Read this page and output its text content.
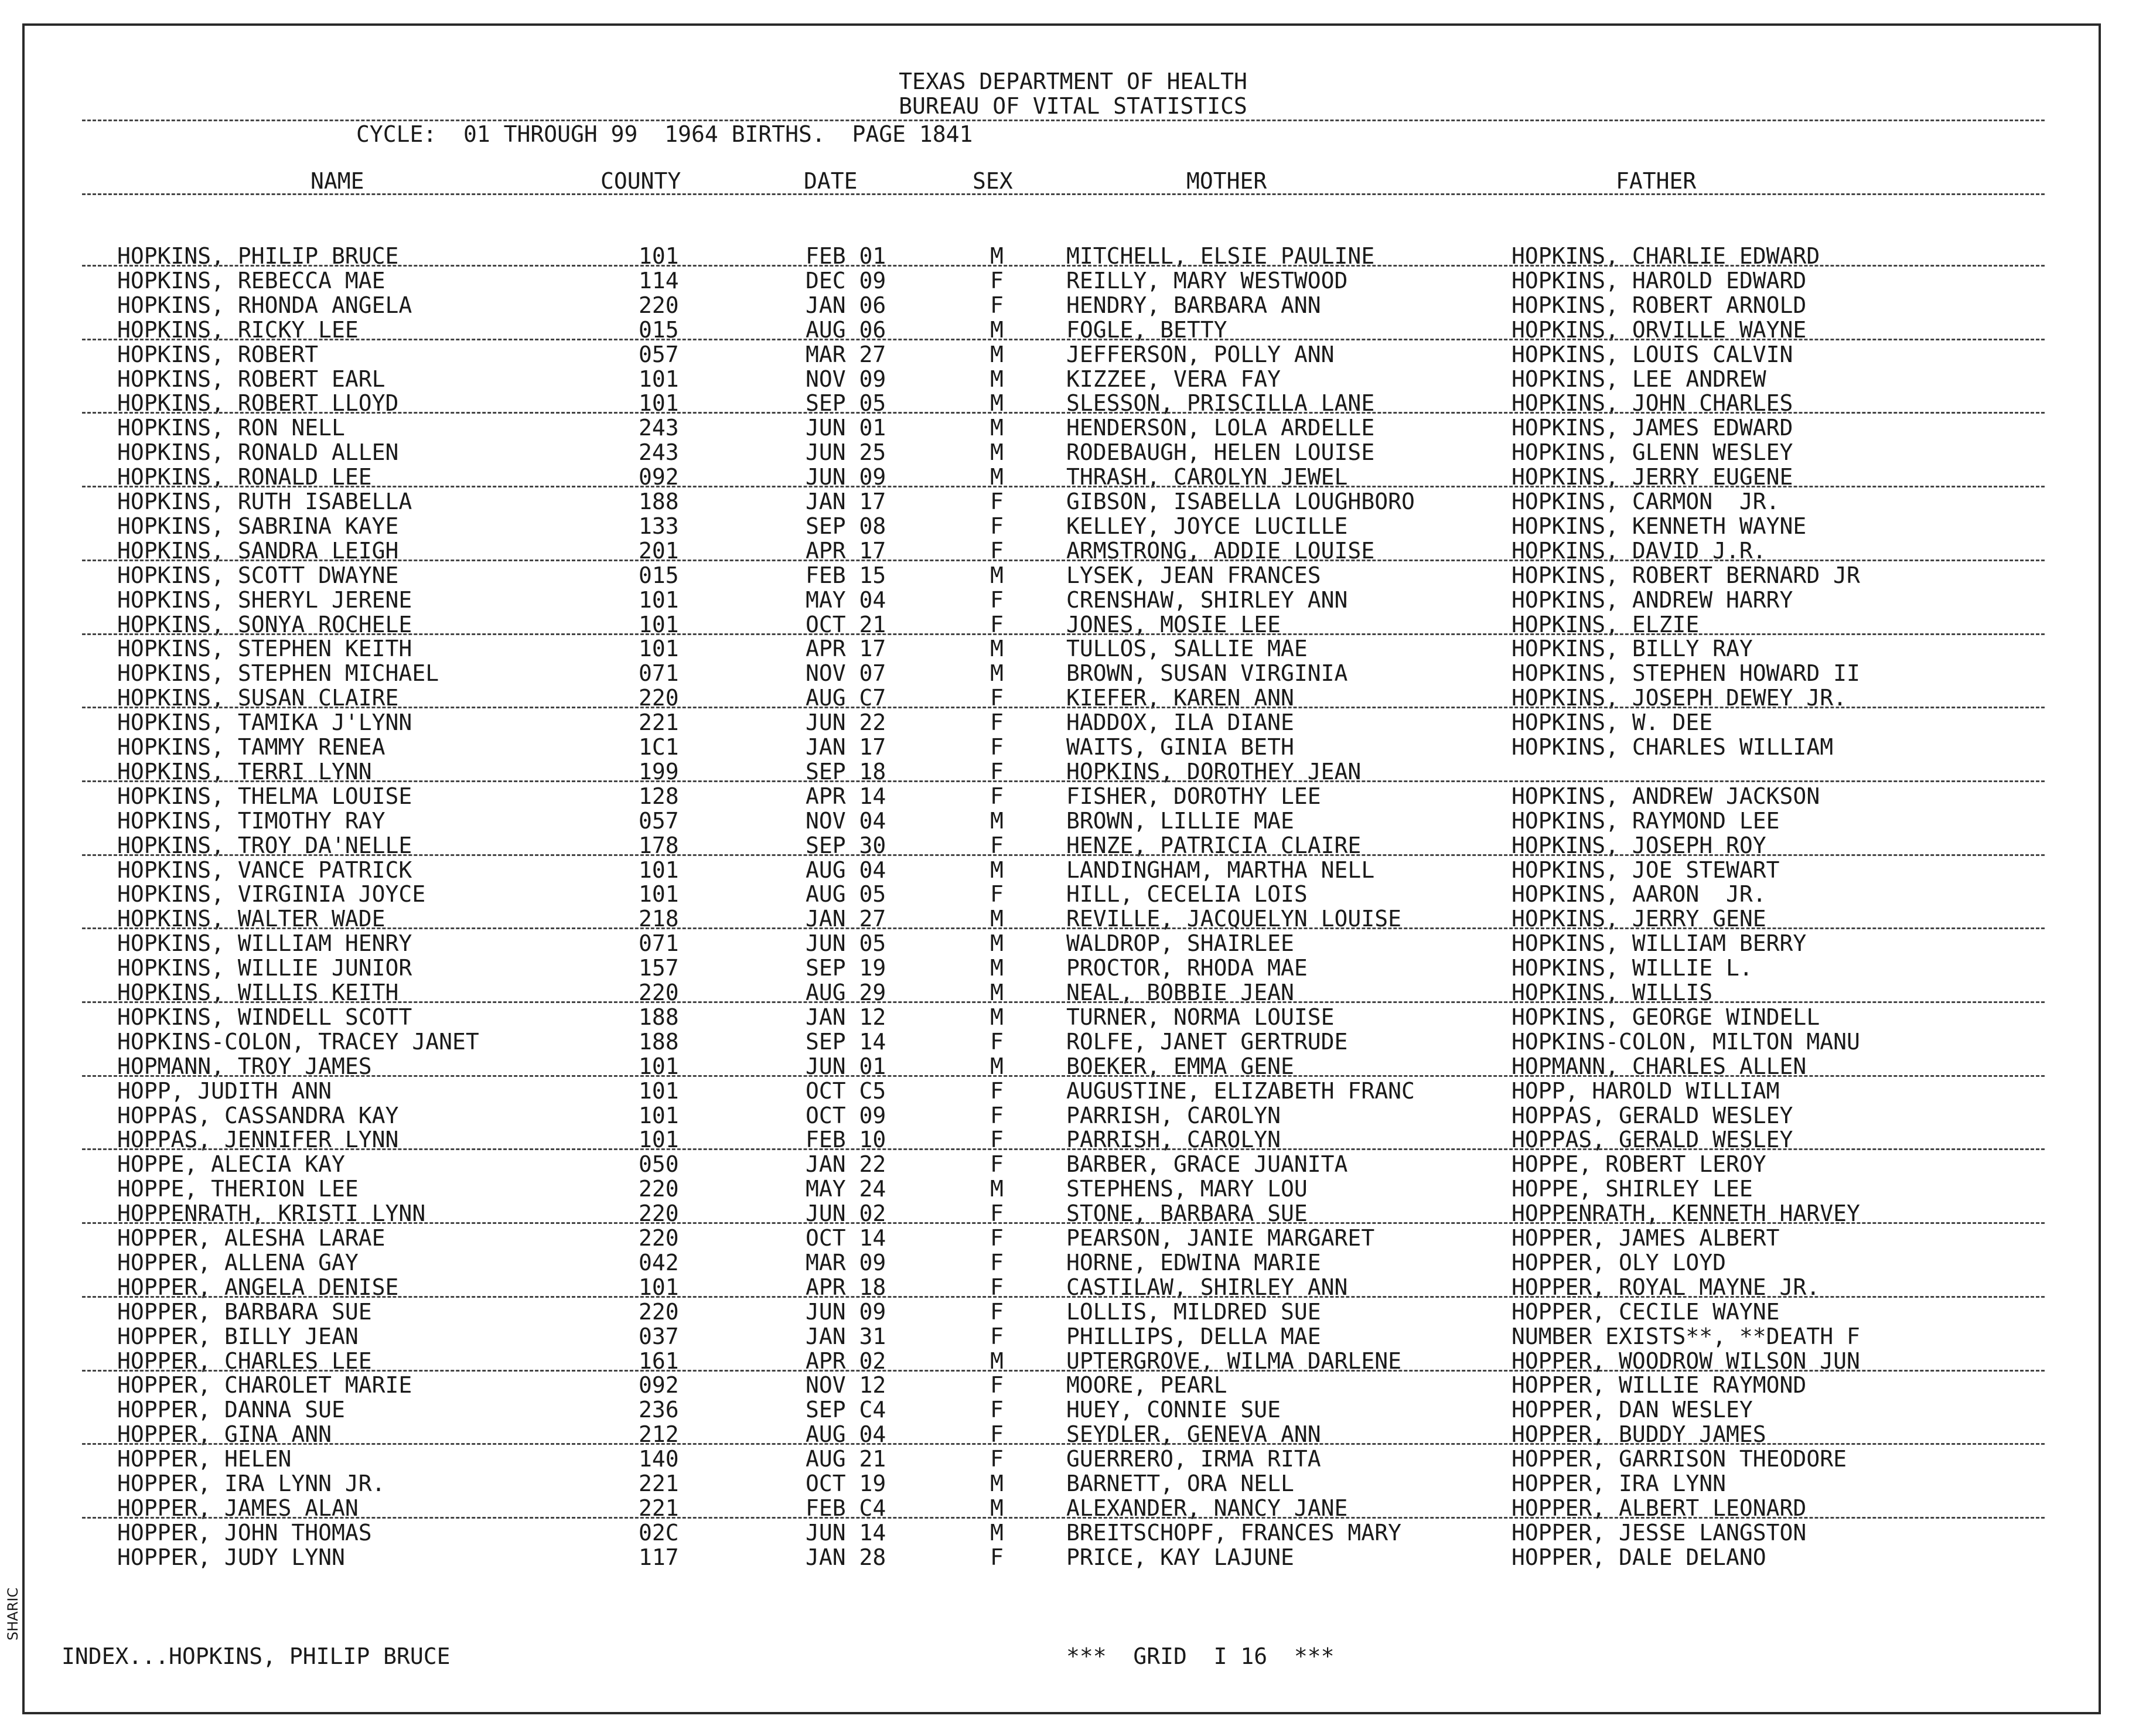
TEXAS DEPARTMENT OF HEALTH
BUREAU OF VITAL STATISTICS
CYCLE:  01 THROUGH 99  1964 BIRTHS.  PAGE 1841
NAME	COUNTY	DATE	SEX	MOTHER	FATHER
HOPKINS, PHILIP BRUCE	101	FEB 01	M	MITCHELL, ELSIE PAULINE	HOPKINS, CHARLIE EDWARD
HOPKINS, REBECCA MAE	114	DEC 09	F	REILLY, MARY WESTWOOD	HOPKINS, HAROLD EDWARD
HOPKINS, RHONDA ANGELA	220	JAN 06	F	HENDRY, BARBARA ANN	HOPKINS, ROBERT ARNOLD
HOPKINS, RICKY LEE	015	AUG 06	M	FOGLE, BETTY	HOPKINS, ORVILLE WAYNE
HOPKINS, ROBERT	057	MAR 27	M	JEFFERSON, POLLY ANN	HOPKINS, LOUIS CALVIN
HOPKINS, ROBERT EARL	101	NOV 09	M	KIZZEE, VERA FAY	HOPKINS, LEE ANDREW
HOPKINS, ROBERT LLOYD	101	SEP 05	M	SLESSON, PRISCILLA LANE	HOPKINS, JOHN CHARLES
HOPKINS, RON NELL	243	JUN 01	M	HENDERSON, LOLA ARDELLE	HOPKINS, JAMES EDWARD
HOPKINS, RONALD ALLEN	243	JUN 25	M	RODEBAUGH, HELEN LOUISE	HOPKINS, GLENN WESLEY
HOPKINS, RONALD LEE	092	JUN 09	M	THRASH, CAROLYN JEWEL	HOPKINS, JERRY EUGENE
HOPKINS, RUTH ISABELLA	188	JAN 17	F	GIBSON, ISABELLA LOUGHBORO	HOPKINS, CARMON  JR.
HOPKINS, SABRINA KAYE	133	SEP 08	F	KELLEY, JOYCE LUCILLE	HOPKINS, KENNETH WAYNE
HOPKINS, SANDRA LEIGH	201	APR 17	F	ARMSTRONG, ADDIE LOUISE	HOPKINS, DAVID J.R.
HOPKINS, SCOTT DWAYNE	015	FEB 15	M	LYSEK, JEAN FRANCES	HOPKINS, ROBERT BERNARD JR
HOPKINS, SHERYL JERENE	101	MAY 04	F	CRENSHAW, SHIRLEY ANN	HOPKINS, ANDREW HARRY
HOPKINS, SONYA ROCHELE	101	OCT 21	F	JONES, MOSIE LEE	HOPKINS, ELZIE
HOPKINS, STEPHEN KEITH	101	APR 17	M	TULLOS, SALLIE MAE	HOPKINS, BILLY RAY
HOPKINS, STEPHEN MICHAEL	071	NOV 07	M	BROWN, SUSAN VIRGINIA	HOPKINS, STEPHEN HOWARD II
HOPKINS, SUSAN CLAIRE	220	AUG C7	F	KIEFER, KAREN ANN	HOPKINS, JOSEPH DEWEY JR.
HOPKINS, TAMIKA J'LYNN	221	JUN 22	F	HADDOX, ILA DIANE	HOPKINS, W. DEE
HOPKINS, TAMMY RENEA	1C1	JAN 17	F	WAITS, GINIA BETH	HOPKINS, CHARLES WILLIAM
HOPKINS, TERRI LYNN	199	SEP 18	F	HOPKINS, DOROTHEY JEAN
HOPKINS, THELMA LOUISE	128	APR 14	F	FISHER, DOROTHY LEE	HOPKINS, ANDREW JACKSON
HOPKINS, TIMOTHY RAY	057	NOV 04	M	BROWN, LILLIE MAE	HOPKINS, RAYMOND LEE
HOPKINS, TROY DA'NELLE	178	SEP 30	F	HENZE, PATRICIA CLAIRE	HOPKINS, JOSEPH ROY
HOPKINS, VANCE PATRICK	101	AUG 04	M	LANDINGHAM, MARTHA NELL	HOPKINS, JOE STEWART
HOPKINS, VIRGINIA JOYCE	101	AUG 05	F	HILL, CECELIA LOIS	HOPKINS, AARON  JR.
HOPKINS, WALTER WADE	218	JAN 27	M	REVILLE, JACQUELYN LOUISE	HOPKINS, JERRY GENE
HOPKINS, WILLIAM HENRY	071	JUN 05	M	WALDROP, SHAIRLEE	HOPKINS, WILLIAM BERRY
HOPKINS, WILLIE JUNIOR	157	SEP 19	M	PROCTOR, RHODA MAE	HOPKINS, WILLIE L.
HOPKINS, WILLIS KEITH	220	AUG 29	M	NEAL, BOBBIE JEAN	HOPKINS, WILLIS
HOPKINS, WINDELL SCOTT	188	JAN 12	M	TURNER, NORMA LOUISE	HOPKINS, GEORGE WINDELL
HOPKINS-COLON, TRACEY JANET	188	SEP 14	F	ROLFE, JANET GERTRUDE	HOPKINS-COLON, MILTON MANU
HOPMANN, TROY JAMES	101	JUN 01	M	BOEKER, EMMA GENE	HOPMANN, CHARLES ALLEN
HOPP, JUDITH ANN	101	OCT C5	F	AUGUSTINE, ELIZABETH FRANC	HOPP, HAROLD WILLIAM
HOPPAS, CASSANDRA KAY	101	OCT 09	F	PARRISH, CAROLYN	HOPPAS, GERALD WESLEY
HOPPAS, JENNIFER LYNN	101	FEB 10	F	PARRISH, CAROLYN	HOPPAS, GERALD WESLEY
HOPPE, ALECIA KAY	050	JAN 22	F	BARBER, GRACE JUANITA	HOPPE, ROBERT LEROY
HOPPE, THERION LEE	220	MAY 24	M	STEPHENS, MARY LOU	HOPPE, SHIRLEY LEE
HOPPENRATH, KRISTI LYNN	220	JUN 02	F	STONE, BARBARA SUE	HOPPENRATH, KENNETH HARVEY
HOPPER, ALESHA LARAE	220	OCT 14	F	PEARSON, JANIE MARGARET	HOPPER, JAMES ALBERT
HOPPER, ALLENA GAY	042	MAR 09	F	HORNE, EDWINA MARIE	HOPPER, OLY LOYD
HOPPER, ANGELA DENISE	101	APR 18	F	CASTILAW, SHIRLEY ANN	HOPPER, ROYAL MAYNE JR.
HOPPER, BARBARA SUE	220	JUN 09	F	LOLLIS, MILDRED SUE	HOPPER, CECILE WAYNE
HOPPER, BILLY JEAN	037	JAN 31	F	PHILLIPS, DELLA MAE	NUMBER EXISTS**, **DEATH F
HOPPER, CHARLES LEE	161	APR 02	M	UPTERGROVE, WILMA DARLENE	HOPPER, WOODROW WILSON JUN
HOPPER, CHAROLET MARIE	092	NOV 12	F	MOORE, PEARL	HOPPER, WILLIE RAYMOND
HOPPER, DANNA SUE	236	SEP C4	F	HUEY, CONNIE SUE	HOPPER, DAN WESLEY
HOPPER, GINA ANN	212	AUG 04	F	SEYDLER, GENEVA ANN	HOPPER, BUDDY JAMES
HOPPER, HELEN	140	AUG 21	F	GUERRERO, IRMA RITA	HOPPER, GARRISON THEODORE
HOPPER, IRA LYNN JR.	221	OCT 19	M	BARNETT, ORA NELL	HOPPER, IRA LYNN
HOPPER, JAMES ALAN	221	FEB C4	M	ALEXANDER, NANCY JANE	HOPPER, ALBERT LEONARD
HOPPER, JOHN THOMAS	02C	JUN 14	M	BREITSCHOPF, FRANCES MARY	HOPPER, JESSE LANGSTON
HOPPER, JUDY LYNN	117	JAN 28	F	PRICE, KAY LAJUNE	HOPPER, DALE DELANO
INDEX...HOPKINS, PHILIP BRUCE	***  GRID  I 16  ***
SHARIC
